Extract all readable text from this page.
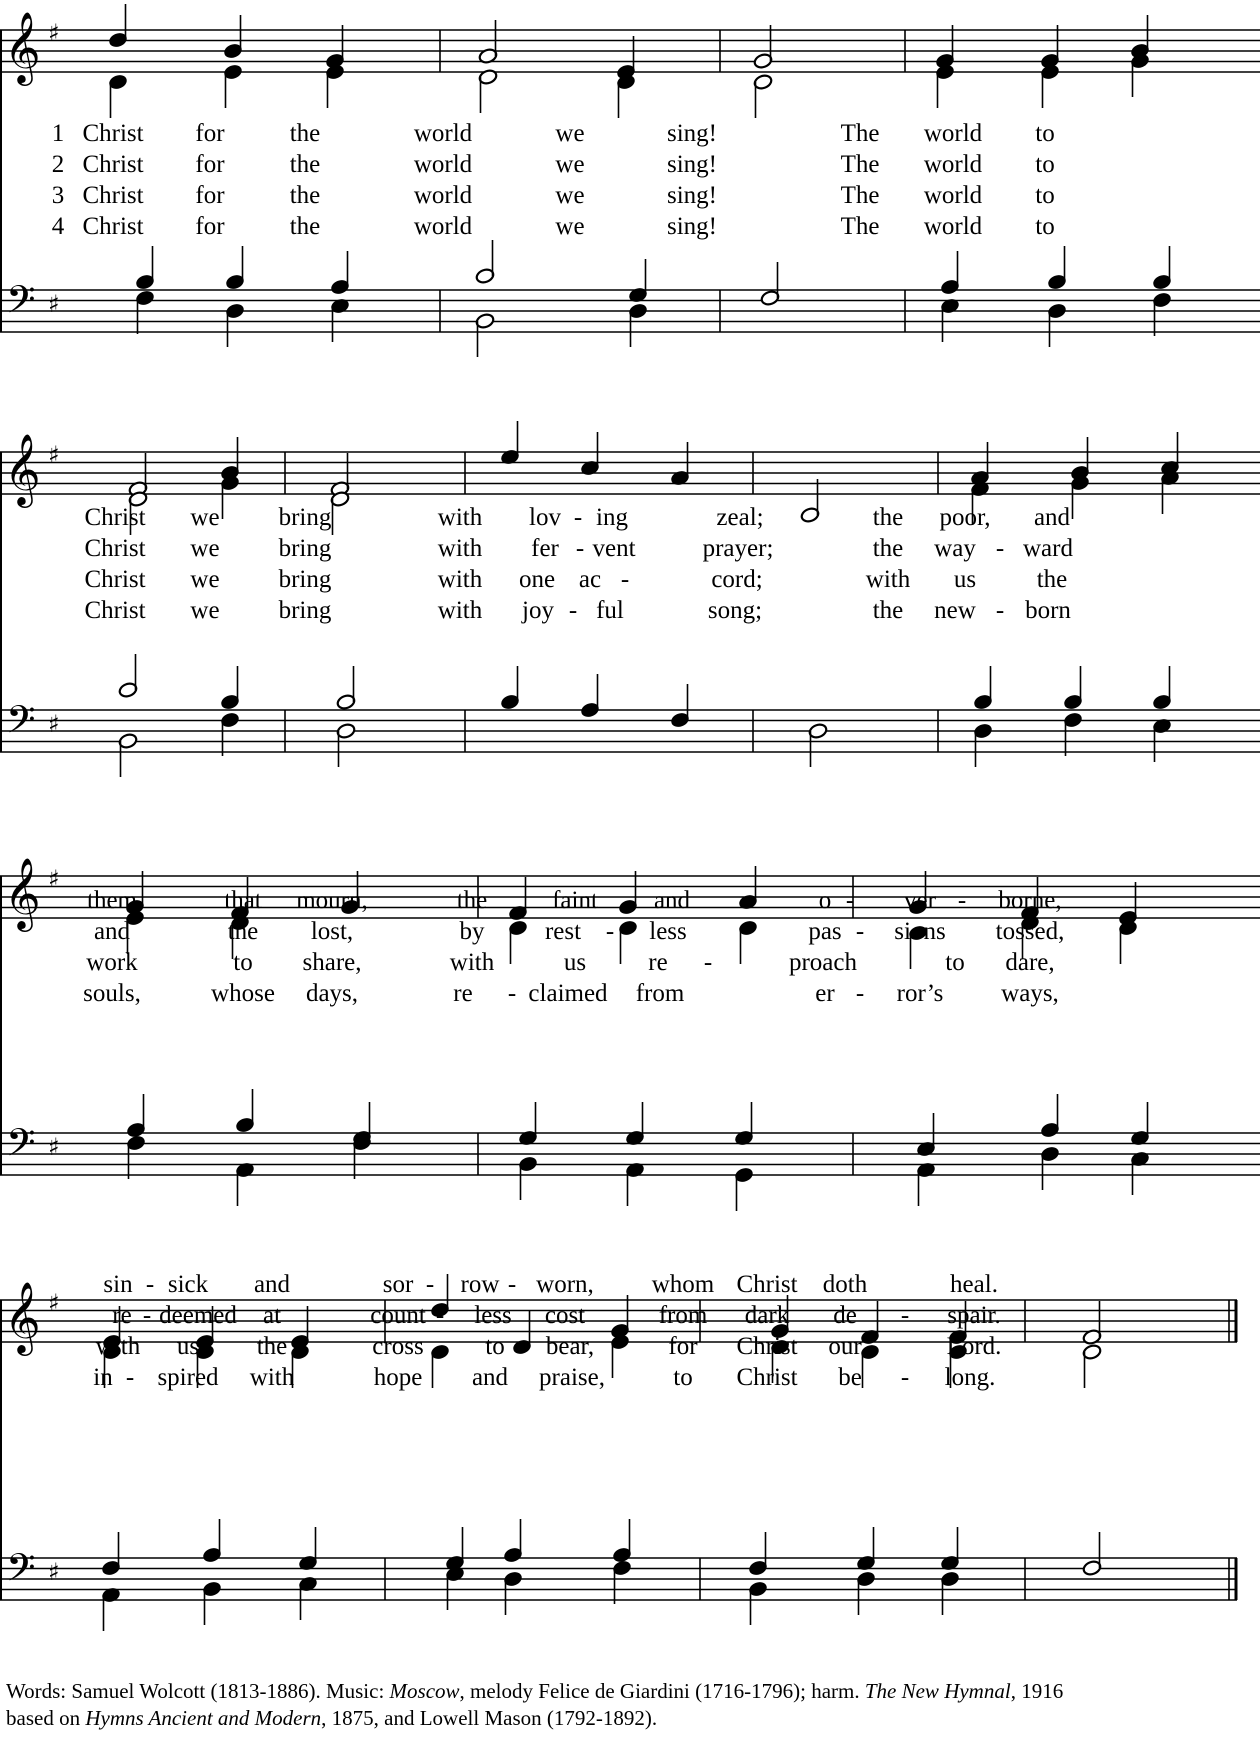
𝄞
𝄢
♯
♯
𝄞
𝄢
♯
♯
𝄞
𝄢
♯
♯
𝄞
𝄢
♯
♯
Christ for	the	world	we	sing!	The world to
Christ for	the	world	we	sing!	The world to
Christ for	the	world	we	sing!	The world to
Christ for	the	world	we	sing!	The world to
1
2
3
4
Christ we bring	with lov - ing	zeal;	the poor, and
Christ we bring	with fer - vent	prayer;	the way - ward
Christ we bring	with one ac -	cord;	with us the
Christ we bring	with joy - ful	song;	the new - born
them	that mourn,	the	faint and	o - ver - borne,
and	the lost,	by rest - less	pas - sions tossed,
work	to share,	with	us re -	proach	to dare,
souls,	whose days,	re - claimed from	er - ror’s ways,
sin - sick and	sor - row - worn, whom Christ doth	heal.
re - deemed at	count - less cost	from dark de - spair.
with us the	cross to bear,	for Christ our	Lord.
in - spired with	hope and praise,	to Christ be - long.
Words: Samuel Wolcott (1813-1886). Music: Moscow, melody Felice de Giardini (1716-1796); harm. The New Hymnal, 1916
based on Hymns Ancient and Modern, 1875, and Lowell Mason (1792-1892).
